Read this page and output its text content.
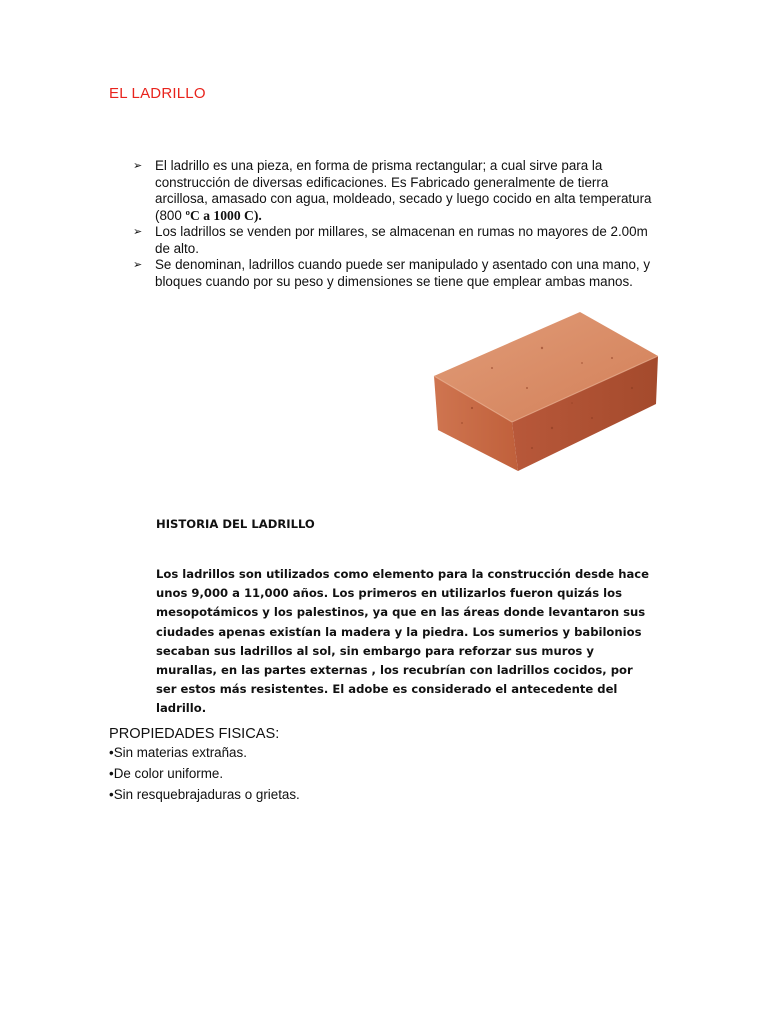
EL LADRILLO
➢ El ladrillo es una pieza, en forma de prisma rectangular; a cual sirve para la construcción de diversas edificaciones. Es Fabricado generalmente de tierra arcillosa, amasado con agua, moldeado, secado y luego cocido en alta temperatura (800 ºC a 1000 C).
➢ Los ladrillos se venden por millares, se almacenan en rumas no mayores de 2.00m de alto.
➢ Se denominan, ladrillos cuando puede ser manipulado y asentado con una mano, y bloques cuando por su peso y dimensiones se tiene que emplear ambas manos.
HISTORIA DEL LADRILLO

Los ladrillos son utilizados como elemento para la construcción desde hace unos 9,000 a 11,000 años. Los primeros en utilizarlos fueron quizás los mesopotámicos y los palestinos, ya que en las áreas donde levantaron sus ciudades apenas existían la madera y la piedra. Los sumerios y babilonios secaban sus ladrillos al sol, sin embargo para reforzar sus muros y murallas, en las partes externas , los recubrían con ladrillos cocidos, por ser estos más resistentes. El adobe es considerado el antecedente del ladrillo.

PROPIEDADES FISICAS:
•Sin materias extrañas.
•De color uniforme.
•Sin resquebrajaduras o grietas.
